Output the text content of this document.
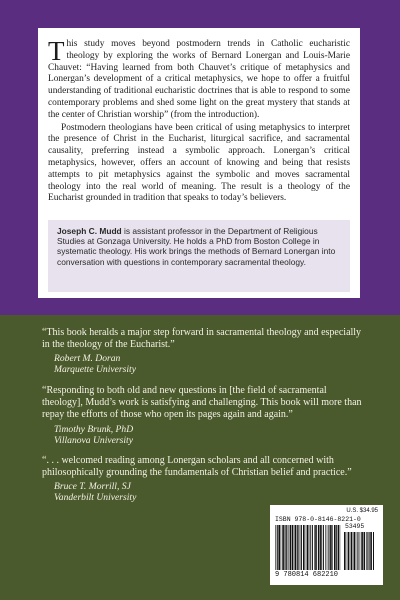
This study moves beyond postmodern trends in Catholic eucharistic theology by exploring the works of Bernard Lonergan and Louis-Marie Chauvet: “Having learned from both Chauvet’s critique of metaphysics and Lonergan’s development of a critical metaphysics, we hope to offer a fruitful understanding of traditional eucharistic doctrines that is able to respond to some contemporary problems and shed some light on the great mystery that stands at the center of Christian worship” (from the introduction).

Postmodern theologians have been critical of using metaphysics to interpret the presence of Christ in the Eucharist, liturgical sacrifice, and sacramental causality, preferring instead a symbolic approach. Lonergan’s critical metaphysics, however, offers an account of knowing and being that resists attempts to pit metaphysics against the symbolic and moves sacramental theology into the real world of meaning. The result is a theology of the Eucharist grounded in tradition that speaks to today’s believers.

Joseph C. Mudd is assistant professor in the Department of Religious Studies at Gonzaga University. He holds a PhD from Boston College in systematic theology. His work brings the methods of Bernard Lonergan into conversation with questions in contemporary sacramental theology.

“This book heralds a major step forward in sacramental theology and especially in the theology of the Eucharist.”

Robert M. Doran
Marquette University

“Responding to both old and new questions in [the field of sacramental theology], Mudd’s work is satisfying and challenging. This book will more than repay the efforts of those who open its pages again and again.”

Timothy Brunk, PhD
Villanova University

“. . . welcomed reading among Lonergan scholars and all concerned with philosophically grounding the fundamentals of Christian belief and practice.”

Bruce T. Morrill, SJ
Vanderbilt University
U.S. $34.95
ISBN 978-0-8146-8221-0
53495
9 780814 682210
